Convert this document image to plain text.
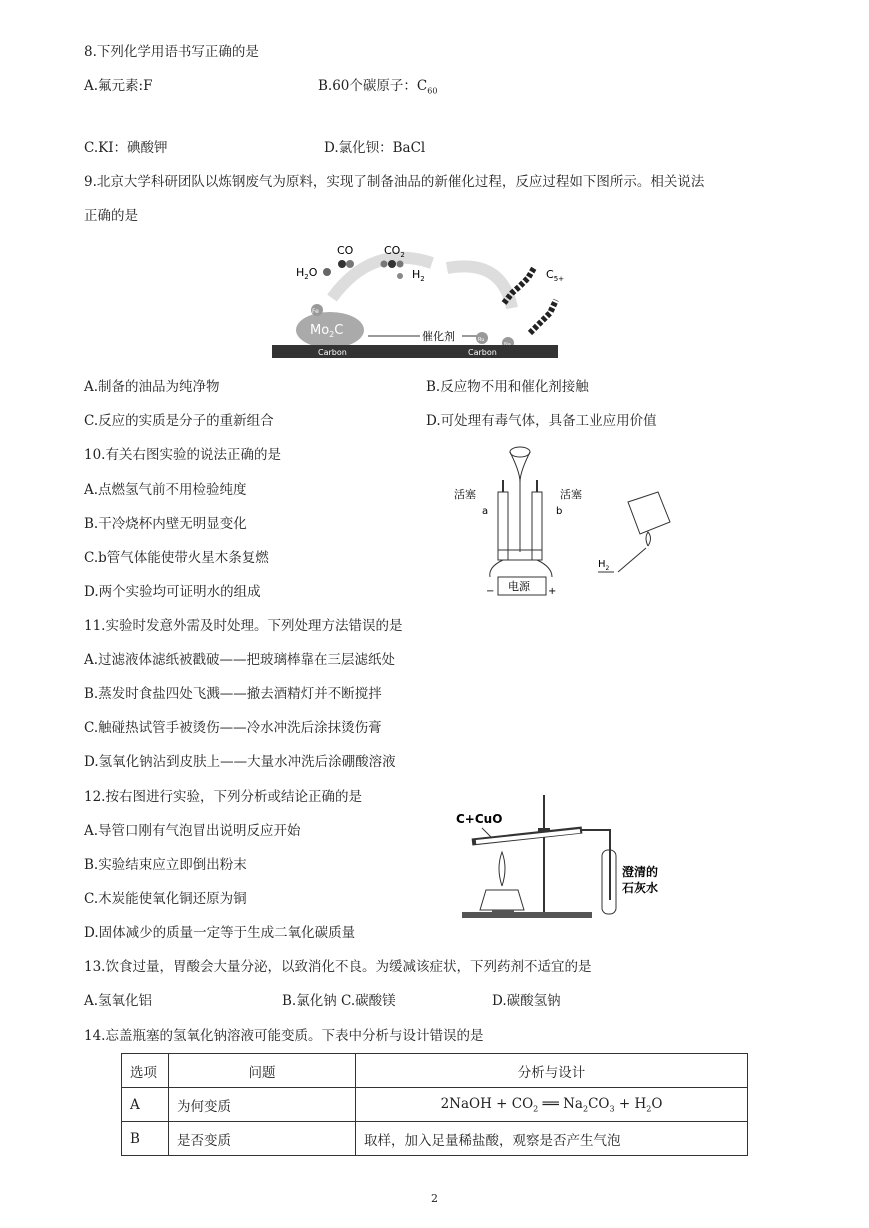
8.下列化学用语书写正确的是
A.氟元素:F	B.60个碳原子：$C_{60}$
C.KI：碘酸钾	D.氯化钡：BaCl
9.北京大学科研团队以炼钢废气为原料，实现了制备油品的新催化过程，反应过程如下图所示。相关说法
正确的是
$Mo_2C$
Fe
CO
$H_2O$
$CO_2$
$H_2$	$C_{5+}$
催化剂	Ru
Carbon	Carbon
A.制备的油品为纯净物	B.反应物不用和催化剂接触
C.反应的实质是分子的重新组合	D.可处理有毒气体，具备工业应用价值
10.有关右图实验的说法正确的是
A.点燃氢气前不用检验纯度
B.干冷烧杯内壁无明显变化
C.b管气体能使带火星木条复燃
D.两个实验均可证明水的组成
活塞	活塞
a	b
电源
−	+
$H_2$
11.实验时发意外需及时处理。下列处理方法错误的是
A.过滤液体滤纸被戳破——把玻璃棒靠在三层滤纸处
B.蒸发时食盐四处飞溅——撤去酒精灯并不断搅拌
C.触碰热试管手被烫伤——冷水冲洗后涂抹烫伤膏
D.氢氧化钠沾到皮肤上——大量水冲洗后涂硼酸溶液
12.按右图进行实验，下列分析或结论正确的是
A.导管口刚有气泡冒出说明反应开始
B.实验结束应立即倒出粉末
C.木炭能使氧化铜还原为铜
D.固体减少的质量一定等于生成二氧化碳质量
C+CuO
澄清的
石灰水
13.饮食过量，胃酸会大量分泌，以致消化不良。为缓减该症状，下列药剂不适宜的是
A.氢氧化铝	B.氯化钠 C.碳酸镁	D.碳酸氢钠
14.忘盖瓶塞的氢氧化钠溶液可能变质。下表中分析与设计错误的是
选项	问题	分析与设计
A	为何变质	2NaOH + $CO_2$ ══ $Na_2CO_3 + H_2O$
B	是否变质	取样，加入足量稀盐酸，观察是否产生气泡
2
